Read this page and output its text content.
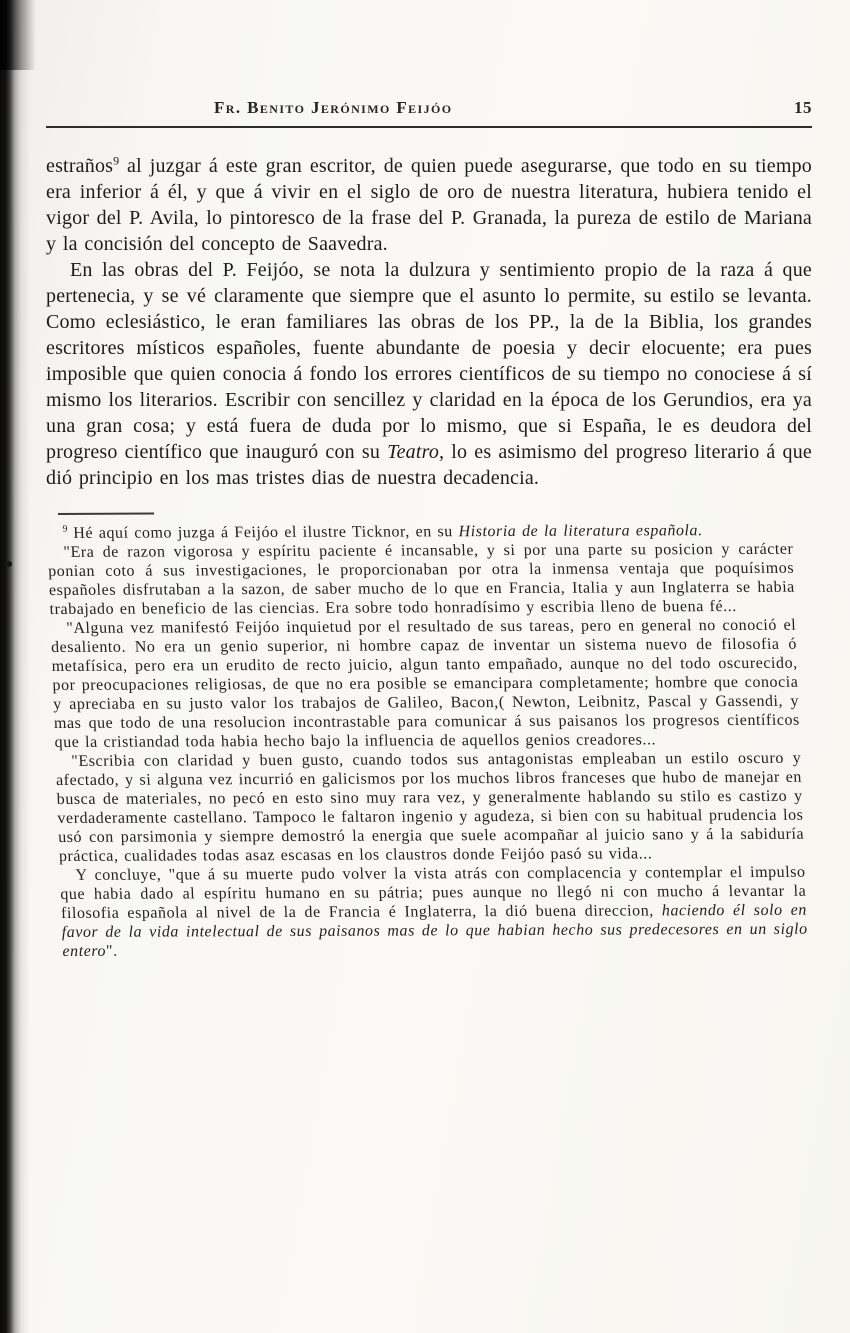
Fr. Benito Jerónimo Feijóo	15

estraños$^9$ al juzgar á este gran escritor, de quien puede asegurarse, que todo en su tiempo era inferior á él, y que á vivir en el siglo de oro de nuestra literatura, hubiera tenido el vigor del P. Avila, lo pintoresco de la frase del P. Granada, la pureza de estilo de Mariana y la concisión del concepto de Saavedra.

En las obras del P. Feijóo, se nota la dulzura y sentimiento propio de la raza á que pertenecia, y se vé claramente que siempre que el asunto lo permite, su estilo se levanta. Como eclesiástico, le eran familiares las obras de los PP., la de la Biblia, los grandes escritores místicos españoles, fuente abundante de poesia y decir elocuente; era pues imposible que quien conocia á fondo los errores científicos de su tiempo no conociese á sí mismo los literarios. Escribir con sencillez y claridad en la época de los Gerundios, era ya una gran cosa; y está fuera de duda por lo mismo, que si España, le es deudora del progreso científico que inauguró con su Teatro, lo es asimismo del progreso literario á que dió principio en los mas tristes dias de nuestra decadencia.

$^9$ Hé aquí como juzga á Feijóo el ilustre Ticknor, en su Historia de la literatura española.

"Era de razon vigorosa y espíritu paciente é incansable, y si por una parte su posicion y carácter ponian coto á sus investigaciones, le proporcionaban por otra la inmensa ventaja que poquísimos españoles disfrutaban a la sazon, de saber mucho de lo que en Francia, Italia y aun Inglaterra se habia trabajado en beneficio de las ciencias. Era sobre todo honradísimo y escribia lleno de buena fé...

"Alguna vez manifestó Feijóo inquietud por el resultado de sus tareas, pero en general no conoció el desaliento. No era un genio superior, ni hombre capaz de inventar un sistema nuevo de filosofia ó metafísica, pero era un erudito de recto juicio, algun tanto empañado, aunque no del todo oscurecido, por preocupaciones religiosas, de que no era posible se emancipara completamente; hombre que conocia y apreciaba en su justo valor los trabajos de Galileo, Bacon,( Newton, Leibnitz, Pascal y Gassendi, y mas que todo de una resolucion incontrastable para comunicar á sus paisanos los progresos científicos que la cristiandad toda habia hecho bajo la influencia de aquellos genios creadores...

"Escribia con claridad y buen gusto, cuando todos sus antagonistas empleaban un estilo oscuro y afectado, y si alguna vez incurrió en galicismos por los muchos libros franceses que hubo de manejar en busca de materiales, no pecó en esto sino muy rara vez, y generalmente hablando su stilo es castizo y verdaderamente castellano. Tampoco le faltaron ingenio y agudeza, si bien con su habitual prudencia los usó con parsimonia y siempre demostró la energia que suele acompañar al juicio sano y á la sabiduría práctica, cualidades todas asaz escasas en los claustros donde Feijóo pasó su vida...

Y concluye, "que á su muerte pudo volver la vista atrás con complacencia y contemplar el impulso que habia dado al espíritu humano en su pátria; pues aunque no llegó ni con mucho á levantar la filosofia española al nivel de la de Francia é Inglaterra, la dió buena direccion, haciendo él solo en favor de la vida intelectual de sus paisanos mas de lo que habian hecho sus predecesores en un siglo entero".
